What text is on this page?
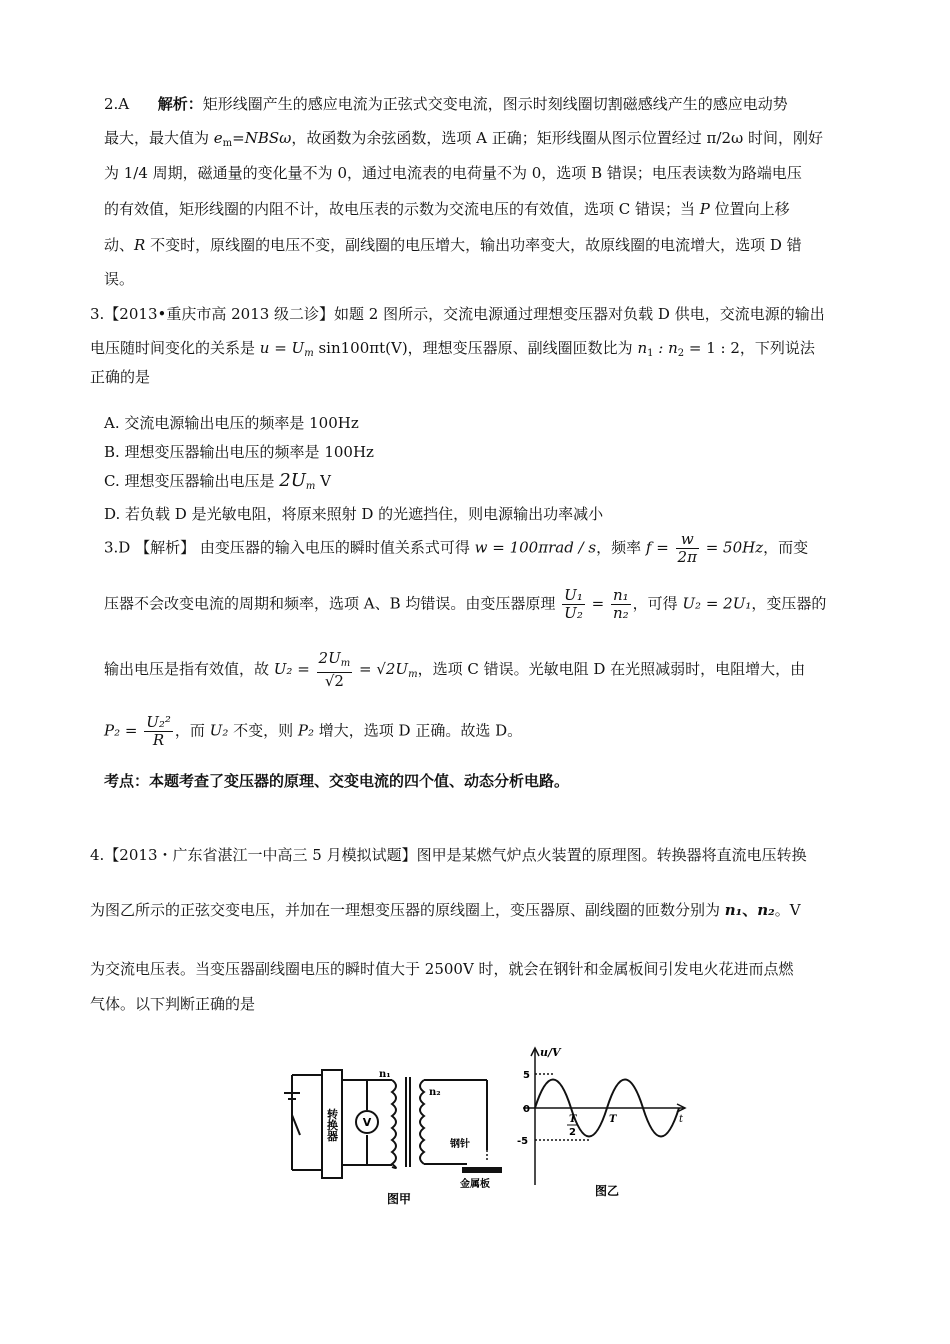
2.A 解析：矩形线圈产生的感应电流为正弦式交变电流，图示时刻线圈切割磁感线产生的感应电动势
最大，最大值为 $e_m=NBS\omega$，故函数为余弦函数，选项 A 正确；矩形线圈从图示位置经过 π/2ω 时间，刚好
为 1/4 周期，磁通量的变化量不为 0，通过电流表的电荷量不为 0，选项 B 错误；电压表读数为路端电压
的有效值，矩形线圈的内阻不计，故电压表的示数为交流电压的有效值，选项 C 错误；当 P 位置向上移
动、R 不变时，原线圈的电压不变，副线圈的电压增大，输出功率变大，故原线圈的电流增大，选项 D 错
误。
3.【2013•重庆市高 2013 级二诊】如题 2 图所示，交流电源通过理想变压器对负载 D 供电，交流电源的输出
电压随时间变化的关系是 $u = U_m$ sin100πt(V)，理想变压器原、副线圈匝数比为 $n_1$ : $n_2 = 1$ : 2，下列说法
正确的是
A. 交流电源输出电压的频率是 100Hz
B. 理想变压器输出电压的频率是 100Hz
C. 理想变压器输出电压是 $2U_m$ V
D. 若负载 D 是光敏电阻，将原来照射 D 的光遮挡住，则电源输出功率减小
3.D 【解析】 由变压器的输入电压的瞬时值关系式可得 w = 100πrad / s，频率 $f = \frac{w}{2\pi} = 50Hz$，而变
压器不会改变电流的周期和频率，选项 A、B 均错误。由变压器原理 $\frac{\text{U₁}}{\text{U₂}} = \frac{\text{n₁}}{\text{n₂}}$ ，可得 U₂ = 2U₁，变压器的
输出电压是指有效值，故 $U_2 = \frac{2U_m}{√2} = √2U_m$，选项 C 错误。光敏电阻 D 在光照减弱时，电阻增大，由
$P_2 = \frac{\text{U₂²}}{R}$ ，而 U₂ 不变，则 P₂ 增大，选项 D 正确。故选 D。
考点：本题考查了变压器的原理、交变电流的四个值、动态分析电路。
4.【2013・广东省湛江一中高三 5 月模拟试题】图甲是某燃气炉点火装置的原理图。转换器将直流电压转换
为图乙所示的正弦交变电压，并加在一理想变压器的原线圈上，变压器原、副线圈的匝数分别为 n₁、n₂。V
为交流电压表。当变压器副线圈电压的瞬时值大于 2500V 时，就会在钢针和金属板间引发电火花进而点燃
气体。以下判断正确的是
转换器 V
n₁
n₂
钢针
金属板
图甲
u/V
5
0
-5
T
2
T	t
图乙
